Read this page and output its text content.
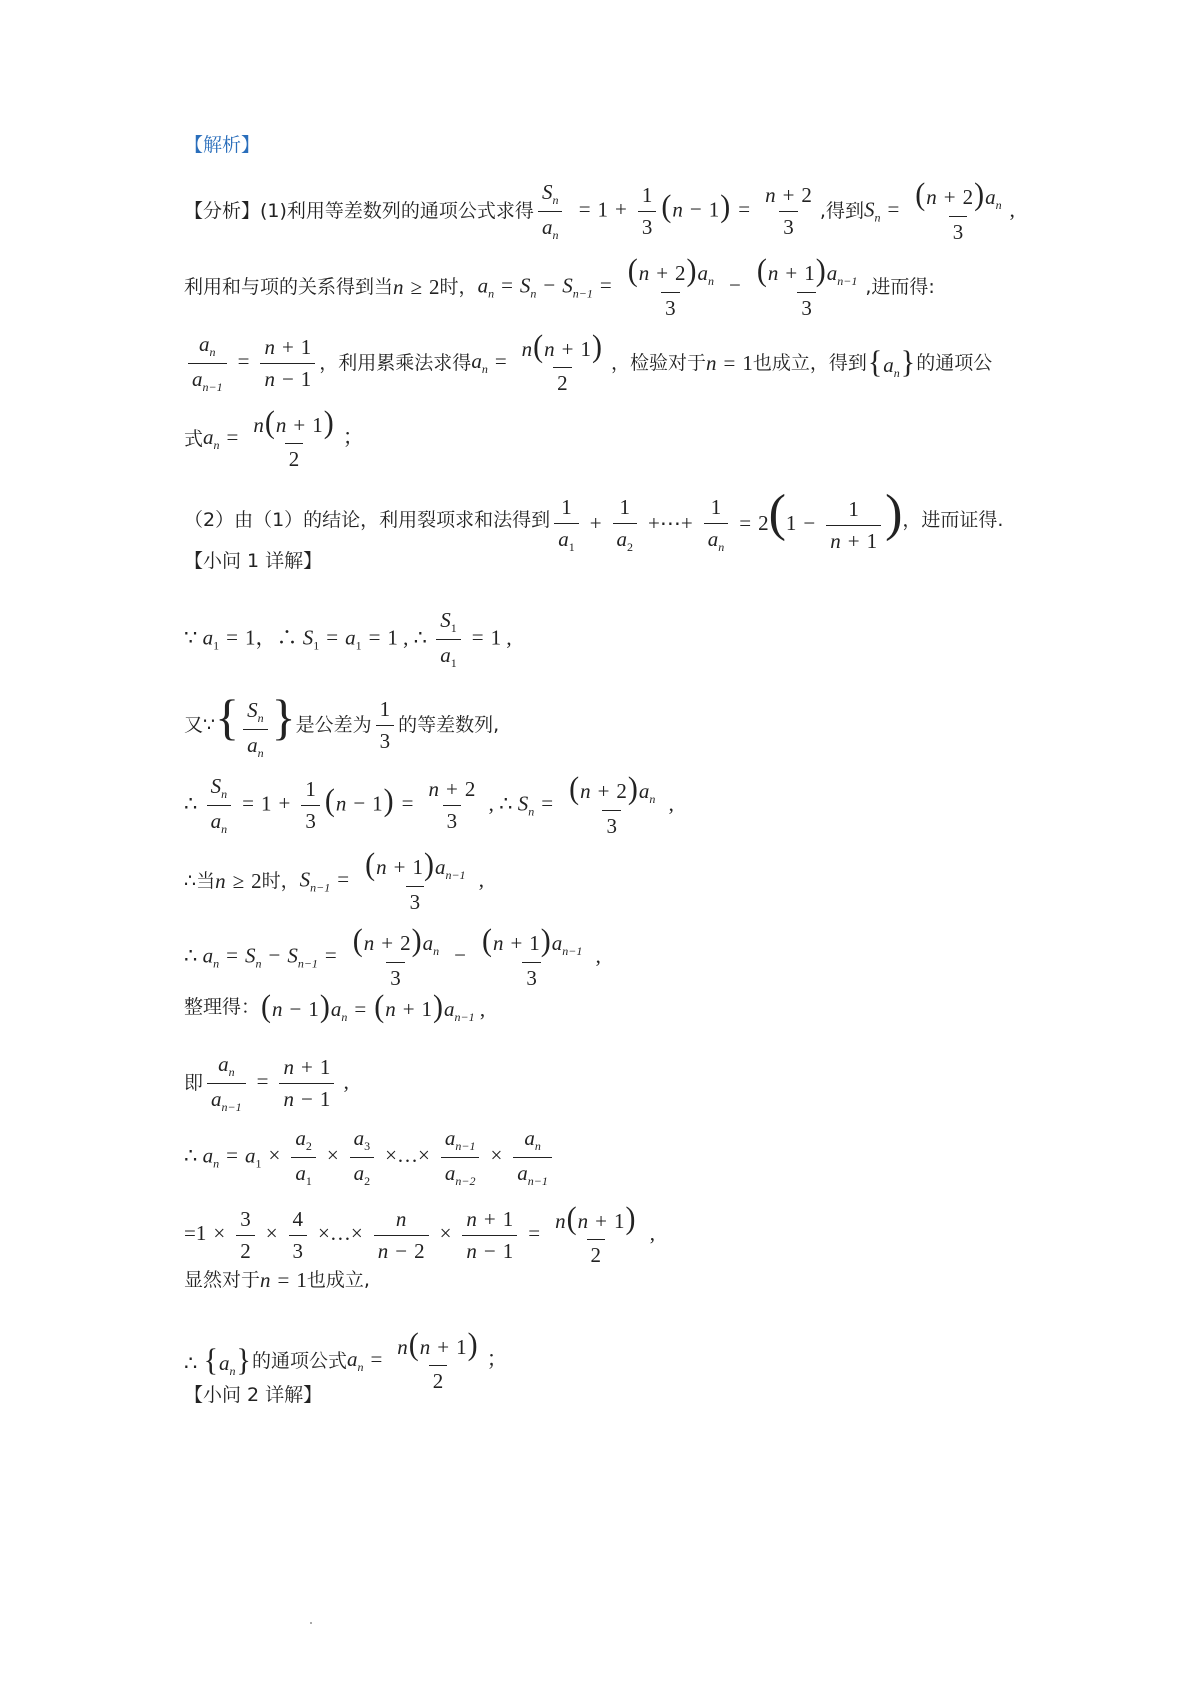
【解析】
【分析】 (1)利用等差数列的通项公式求得 $\frac{S_n}{a_n} = 1 + \frac{1}{3} (n - 1) = \frac{n + 2}{3}$ ,得到 $S_n = \frac{(n + 2)a_n}{3}$ ,
利用和与项的关系得到当 n ≥ 2 时， $a_n = S_n - S_{n-1} = \frac{(n + 2)a_n}{3} - \frac{(n + 1)a_{n-1}}{3}$ ,进而得:
$\frac{a_n}{a_{n-1}} = \frac{n + 1}{n - 1}$ ，利用累乘法求得 $a_n = \frac{n(n + 1)}{2}$ ，检验对于 n = 1 也成立，得到 $\{a_n\}$ 的通项公
式 $a_n = \frac{n(n + 1)}{2}$ ；
（2）由（1）的结论，利用裂项求和法得到 $\frac{1}{a_1} + \frac{1}{a_2}$ +⋯+ $\frac{1}{a_n} = 2(1 - \frac{1}{n + 1}$ ) ，进而证得.
【小问 1 详解】
∵ $a_1 = 1$，∴ $S_1 = a_1 = 1$ , ∴ $\frac{S_1}{a_1} = 1$ ,
又∵ { $\frac{S_n}{a_n}$ } 是公差为 $\frac{1}{3}$ 的等差数列,
∴ $\frac{S_n}{a_n} = 1 + \frac{1}{3} (n - 1) = \frac{n + 2}{3}$ , ∴ $S_n = \frac{(n + 2)a_n}{3}$ ,
∴当 n ≥ 2 时， $S_{n-1} = \frac{(n + 1)a_{n-1}}{3}$ ,
∴ $a_n = S_n - S_{n-1} = \frac{(n + 2)a_n}{3} - \frac{(n + 1)a_{n-1}}{3}$ ,
整理得： $(n - 1)a_n = (n + 1)a_{n-1}$ ,
即 $\frac{a_n}{a_{n-1}} = \frac{n + 1}{n - 1}$ ,
∴ $a_n = a_1 \times \frac{a_2}{a_1} \times \frac{a_3}{a_2}$ ×…× $\frac{a_{n-1}}{a_{n-2}} \times \frac{a_n}{a_{n-1}}$
$=1 \times \frac{3}{2} \times \frac{4}{3}$ ×…× $\frac{n}{n - 2} \times \frac{n + 1}{n - 1} = \frac{n(n + 1)}{2}$ ,
显然对于 n = 1 也成立,
∴ $\{a_n\}$ 的通项公式 $a_n = \frac{n(n + 1)}{2}$ ；
【小问 2 详解】
